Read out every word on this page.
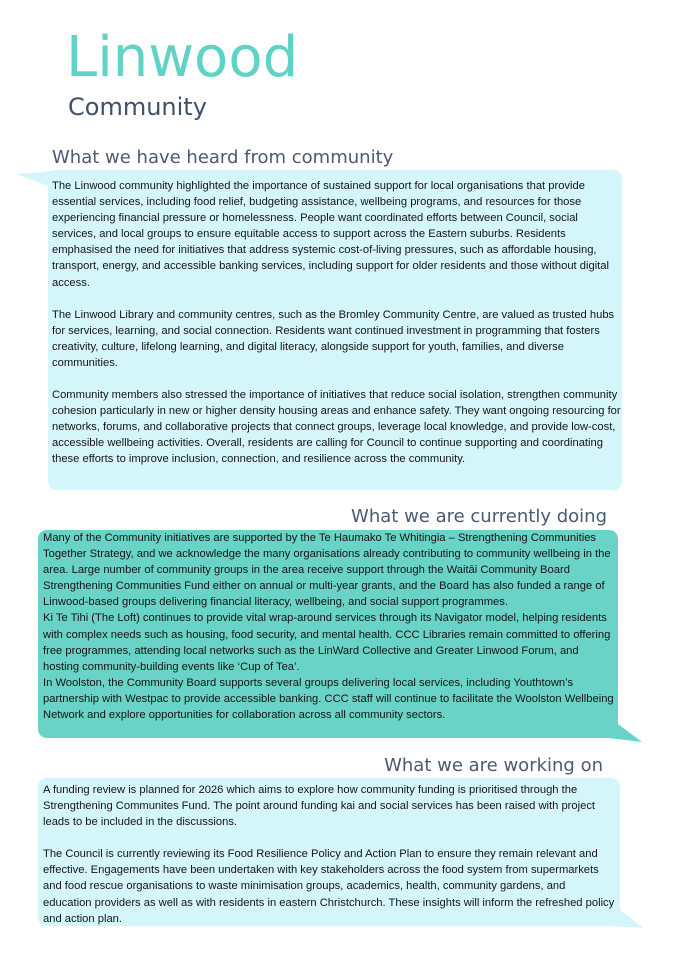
Linwood
Community
What we have heard from community

The Linwood community highlighted the importance of sustained support for local organisations that provide essential services, including food relief, budgeting assistance, wellbeing programs, and resources for those experiencing financial pressure or homelessness. People want coordinated efforts between Council, social services, and local groups to ensure equitable access to support across the Eastern suburbs. Residents emphasised the need for initiatives that address systemic cost-of-living pressures, such as affordable housing, transport, energy, and accessible banking services, including support for older residents and those without digital access.

The Linwood Library and community centres, such as the Bromley Community Centre, are valued as trusted hubs for services, learning, and social connection. Residents want continued investment in programming that fosters creativity, culture, lifelong learning, and digital literacy, alongside support for youth, families, and diverse communities.

Community members also stressed the importance of initiatives that reduce social isolation, strengthen community cohesion particularly in new or higher density housing areas and enhance safety. They want ongoing resourcing for networks, forums, and collaborative projects that connect groups, leverage local knowledge, and provide low-cost, accessible wellbeing activities. Overall, residents are calling for Council to continue supporting and coordinating these efforts to improve inclusion, connection, and resilience across the community.

What we are currently doing

Many of the Community initiatives are supported by the Te Haumako Te Whitingia – Strengthening Communities Together Strategy, and we acknowledge the many organisations already contributing to community wellbeing in the area. Large number of community groups in the area receive support through the Waitāi Community Board Strengthening Communities Fund either on annual or multi-year grants, and the Board has also funded a range of Linwood-based groups delivering financial literacy, wellbeing, and social support programmes.

Ki Te Tihi (The Loft) continues to provide vital wrap-around services through its Navigator model, helping residents with complex needs such as housing, food security, and mental health. CCC Libraries remain committed to offering free programmes, attending local networks such as the LinWard Collective and Greater Linwood Forum, and hosting community-building events like ‘Cup of Tea’.

In Woolston, the Community Board supports several groups delivering local services, including Youthtown’s partnership with Westpac to provide accessible banking. CCC staff will continue to facilitate the Woolston Wellbeing Network and explore opportunities for collaboration across all community sectors.

What we are working on

A funding review is planned for 2026 which aims to explore how community funding is prioritised through the Strengthening Communites Fund. The point around funding kai and social services has been raised with project leads to be included in the discussions.

The Council is currently reviewing its Food Resilience Policy and Action Plan to ensure they remain relevant and effective. Engagements have been undertaken with key stakeholders across the food system from supermarkets and food rescue organisations to waste minimisation groups, academics, health, community gardens, and education providers as well as with residents in eastern Christchurch. These insights will inform the refreshed policy and action plan.
